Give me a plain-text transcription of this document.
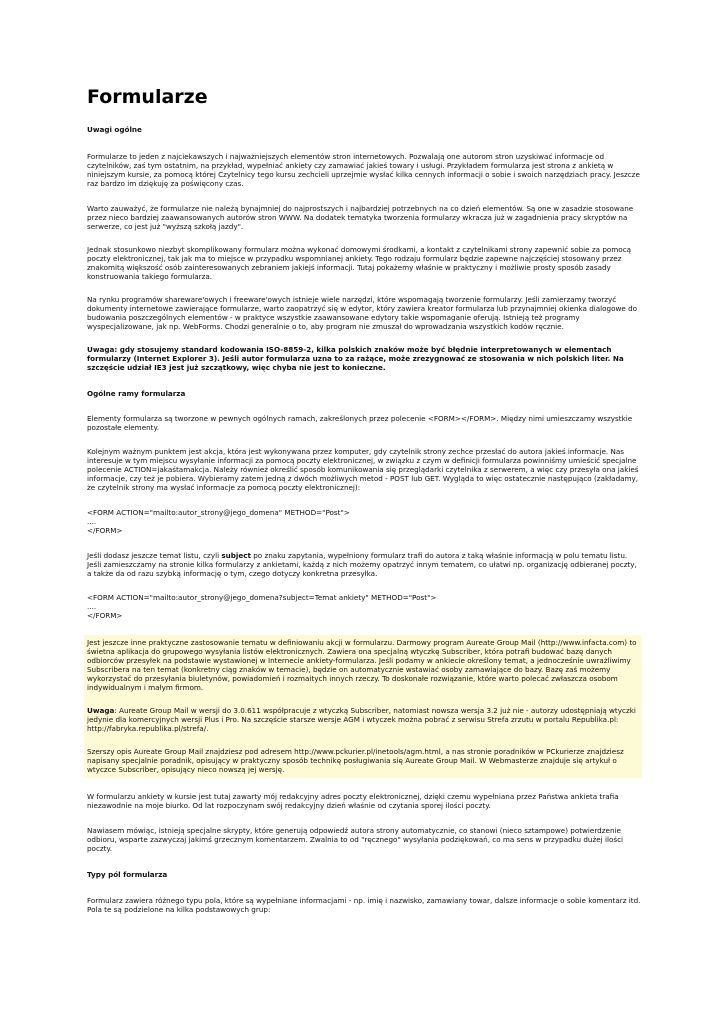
Formularze

Uwagi ogólne

Formularze to jeden z najciekawszych i najważniejszych elementów stron internetowych. Pozwalają one autorom stron uzyskiwać informacje od czytelników, zaś tym ostatnim, na przykład, wypełniać ankiety czy zamawiać jakieś towary i usługi. Przykładem formularza jest strona z ankietą w niniejszym kursie, za pomocą której Czytelnicy tego kursu zechcieli uprzejmie wysłać kilka cennych informacji o sobie i swoich narzędziach pracy. Jeszcze raz bardzo im dziękuję za poświęcony czas.

Warto zauważyć, że formularze nie należą bynajmniej do najprostszych i najbardziej potrzebnych na co dzień elementów. Są one w zasadzie stosowane przez nieco bardziej zaawansowanych autorów stron WWW. Na dodatek tematyka tworzenia formularzy wkracza już w zagadnienia pracy skryptów na serwerze, co jest już "wyższą szkołą jazdy".

Jednak stosunkowo niezbyt skomplikowany formularz można wykonać domowymi środkami, a kontakt z czytelnikami strony zapewnić sobie za pomocą poczty elektronicznej, tak jak ma to miejsce w przypadku wspomnianej ankiety. Tego rodzaju formularz będzie zapewne najczęściej stosowany przez znakomitą większość osób zainteresowanych zebraniem jakiejś informacji. Tutaj pokażemy właśnie w praktyczny i możliwie prosty sposób zasady konstruowania takiego formularza.

Na rynku programów shareware'owych i freeware'owych istnieje wiele narzędzi, które wspomagają tworzenie formularzy. Jeśli zamierzamy tworzyć dokumenty internetowe zawierające formularze, warto zaopatrzyć się w edytor, który zawiera kreator formularza lub przynajmniej okienka dialogowe do budowania poszczególnych elementów - w praktyce wszystkie zaawansowane edytory takie wspomaganie oferują. Istnieją też programy wyspecjalizowane, jak np. WebForms. Chodzi generalnie o to, aby program nie zmuszał do wprowadzania wszystkich kodów ręcznie.

Uwaga: gdy stosujemy standard kodowania ISO-8859-2, kilka polskich znaków może być błędnie interpretowanych w elementach formularzy (Internet Explorer 3). Jeśli autor formularza uzna to za rażące, może zrezygnować ze stosowania w nich polskich liter. Na szczęście udział IE3 jest już szczątkowy, więc chyba nie jest to konieczne.

Ogólne ramy formularza

Elementy formularza są tworzone w pewnych ogólnych ramach, zakreślonych przez polecenie <FORM></FORM>. Między nimi umieszczamy wszystkie pozostałe elementy.

Kolejnym ważnym punktem jest akcja, która jest wykonywana przez komputer, gdy czytelnik strony zechce przesłać do autora jakieś informacje. Nas interesuje w tym miejscu wysyłanie informacji za pomocą poczty elektronicznej, w związku z czym w definicji formularza powinniśmy umieścić specjalne polecenie ACTION=jakaśtamakcja. Należy również określić sposób komunikowania się przeglądarki czytelnika z serwerem, a więc czy przesyła ona jakieś informacje, czy też je pobiera. Wybieramy zatem jedną z dwóch możliwych metod - POST lub GET. Wygląda to więc ostatecznie następująco (zakładamy, że czytelnik strony ma wysłać informacje za pomocą poczty elektronicznej):

<FORM ACTION="mailto:autor_strony@jego_domena" METHOD="Post">
....
</FORM>

Jeśli dodasz jeszcze temat listu, czyli subject po znaku zapytania, wypełniony formularz trafi do autora z taką właśnie informacją w polu tematu listu. Jeśli zamieszczamy na stronie kilka formularzy z ankietami, każdą z nich możemy opatrzyć innym tematem, co ułatwi np. organizację odbieranej poczty, a także da od razu szybką informację o tym, czego dotyczy konkretna przesyłka.

<FORM ACTION="mailto:autor_strony@jego_domena?subject=Temat ankiety" METHOD="Post">
....
</FORM>

Jest jeszcze inne praktyczne zastosowanie tematu w definiowaniu akcji w formularzu. Darmowy program Aureate Group Mail (http://www.infacta.com) to świetna aplikacja do grupowego wysyłania listów elektronicznych. Zawiera ona specjalną wtyczkę Subscriber, która potrafi budować bazę danych odbiorców przesyłek na podstawie wystawionej w Internecie ankiety-formularza. Jeśli podamy w ankiecie określony temat, a jednocześnie uwrażliwimy Subscribera na ten temat (konkretny ciąg znaków w temacie), będzie on automatycznie wstawiać osoby zamawiające do bazy. Bazę zaś możemy wykorzystać do przesyłania biuletynów, powiadomień i rozmaitych innych rzeczy. To doskonałe rozwiązanie, które warto polecać zwłaszcza osobom indywidualnym i małym firmom.

Uwaga: Aureate Group Mail w wersji do 3.0.611 współpracuje z wtyczką Subscriber, natomiast nowsza wersja 3.2 już nie - autorzy udostępniają wtyczki jedynie dla komercyjnych wersji Plus i Pro. Na szczęście starsze wersje AGM i wtyczek można pobrać z serwisu Strefa zrzutu w portalu Republika.pl: http://fabryka.republika.pl/strefa/.

Szerszy opis Aureate Group Mail znajdziesz pod adresem http://www.pckurier.pl/inetools/agm.html, a nas stronie poradników w PCkurierze znajdziesz napisany specjalnie poradnik, opisujący w praktyczny sposób technikę posługiwania się Aureate Group Mail. W Webmasterze znajduje się artykuł o wtyczce Subscriber, opisujący nieco nowszą jej wersję.

W formularzu ankiety w kursie jest tutaj zawarty mój redakcyjny adres poczty elektronicznej, dzięki czemu wypełniana przez Państwa ankieta trafia niezawodnie na moje biurko. Od lat rozpoczynam swój redakcyjny dzień właśnie od czytania sporej ilości poczty.

Nawiasem mówiąc, istnieją specjalne skrypty, które generują odpowiedź autora strony automatycznie, co stanowi (nieco sztampowe) potwierdzenie odbioru, wsparte zazwyczaj jakimś grzecznym komentarzem. Zwalnia to od "ręcznego" wysyłania podziękowań, co ma sens w przypadku dużej ilości poczty.

Typy pól formularza

Formularz zawiera różnego typu pola, które są wypełniane informacjami - np. imię i nazwisko, zamawiany towar, dalsze informacje o sobie komentarz itd. Pola te są podzielone na kilka podstawowych grup:
